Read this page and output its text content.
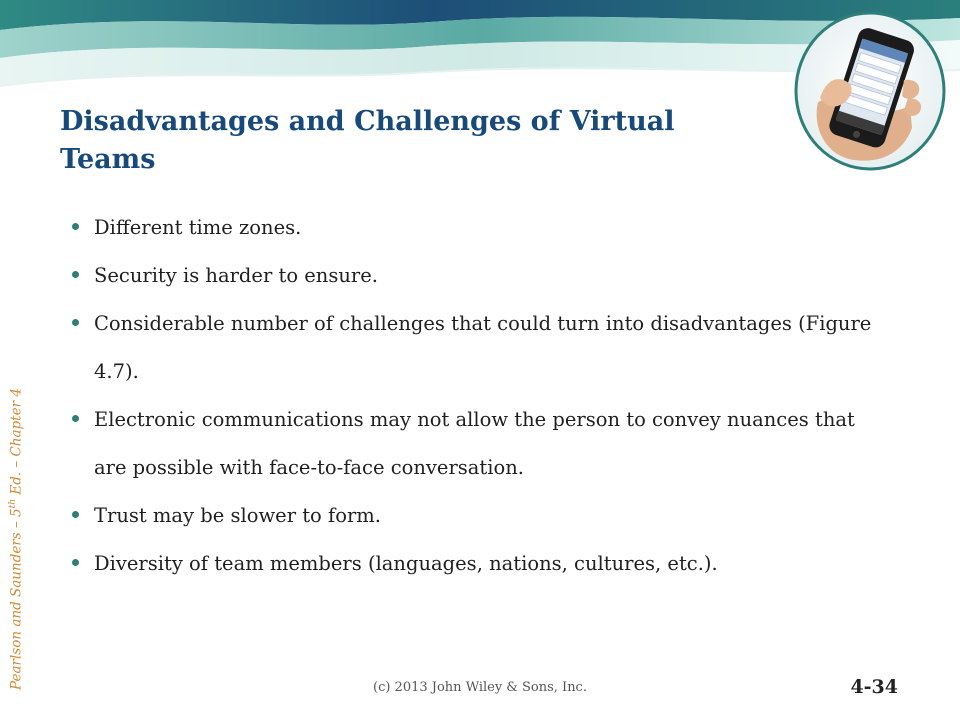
Pearlson and Saunders – 5th Ed. – Chapter 4
Disadvantages and Challenges of Virtual Teams
Different time zones.
Security is harder to ensure.
Considerable number of challenges that could turn into disadvantages (Figure 4.7).
Electronic communications may not allow the person to convey nuances that are possible with face-to-face conversation.
Trust may be slower to form.
Diversity of team members (languages, nations, cultures, etc.).
(c) 2013 John Wiley & Sons, Inc.	4-34
